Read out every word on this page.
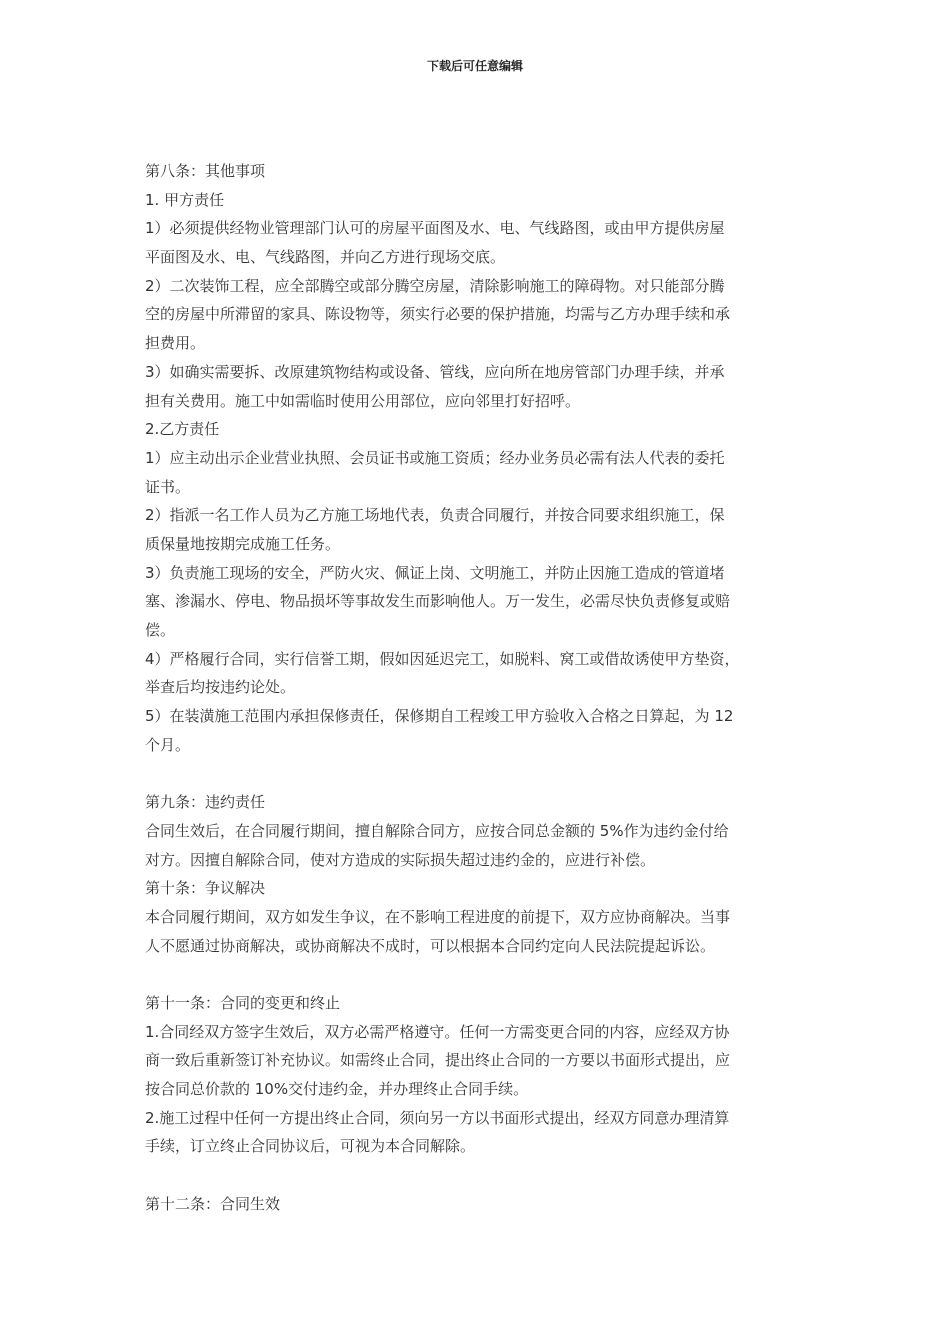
下载后可任意编辑
第八条：其他事项
1. 甲方责任
1）必须提供经物业管理部门认可的房屋平面图及水、电、气线路图，或由甲方提供房屋
平面图及水、电、气线路图，并向乙方进行现场交底。
2）二次装饰工程，应全部腾空或部分腾空房屋，清除影响施工的障碍物。对只能部分腾
空的房屋中所滞留的家具、陈设物等，须实行必要的保护措施，均需与乙方办理手续和承
担费用。
3）如确实需要拆、改原建筑物结构或设备、管线，应向所在地房管部门办理手续，并承
担有关费用。施工中如需临时使用公用部位，应向邻里打好招呼。
2.乙方责任
1）应主动出示企业营业执照、会员证书或施工资质；经办业务员必需有法人代表的委托
证书。
2）指派一名工作人员为乙方施工场地代表，负责合同履行，并按合同要求组织施工，保
质保量地按期完成施工任务。
3）负责施工现场的安全，严防火灾、佩证上岗、文明施工，并防止因施工造成的管道堵
塞、渗漏水、停电、物品损坏等事故发生而影响他人。万一发生，必需尽快负责修复或赔
偿。
4）严格履行合同，实行信誉工期，假如因延迟完工，如脱料、窝工或借故诱使甲方垫资，
举查后均按违约论处。
5）在装潢施工范围内承担保修责任，保修期自工程竣工甲方验收入合格之日算起，为 12
个月。
第九条：违约责任
合同生效后，在合同履行期间，擅自解除合同方，应按合同总金额的 5%作为违约金付给
对方。因擅自解除合同，使对方造成的实际损失超过违约金的，应进行补偿。
第十条：争议解决
本合同履行期间，双方如发生争议，在不影响工程进度的前提下，双方应协商解决。当事
人不愿通过协商解决，或协商解决不成时，可以根据本合同约定向人民法院提起诉讼。
第十一条：合同的变更和终止
1.合同经双方签字生效后，双方必需严格遵守。任何一方需变更合同的内容，应经双方协
商一致后重新签订补充协议。如需终止合同，提出终止合同的一方要以书面形式提出，应
按合同总价款的 10%交付违约金，并办理终止合同手续。
2.施工过程中任何一方提出终止合同，须向另一方以书面形式提出，经双方同意办理清算
手续，订立终止合同协议后，可视为本合同解除。
第十二条：合同生效
